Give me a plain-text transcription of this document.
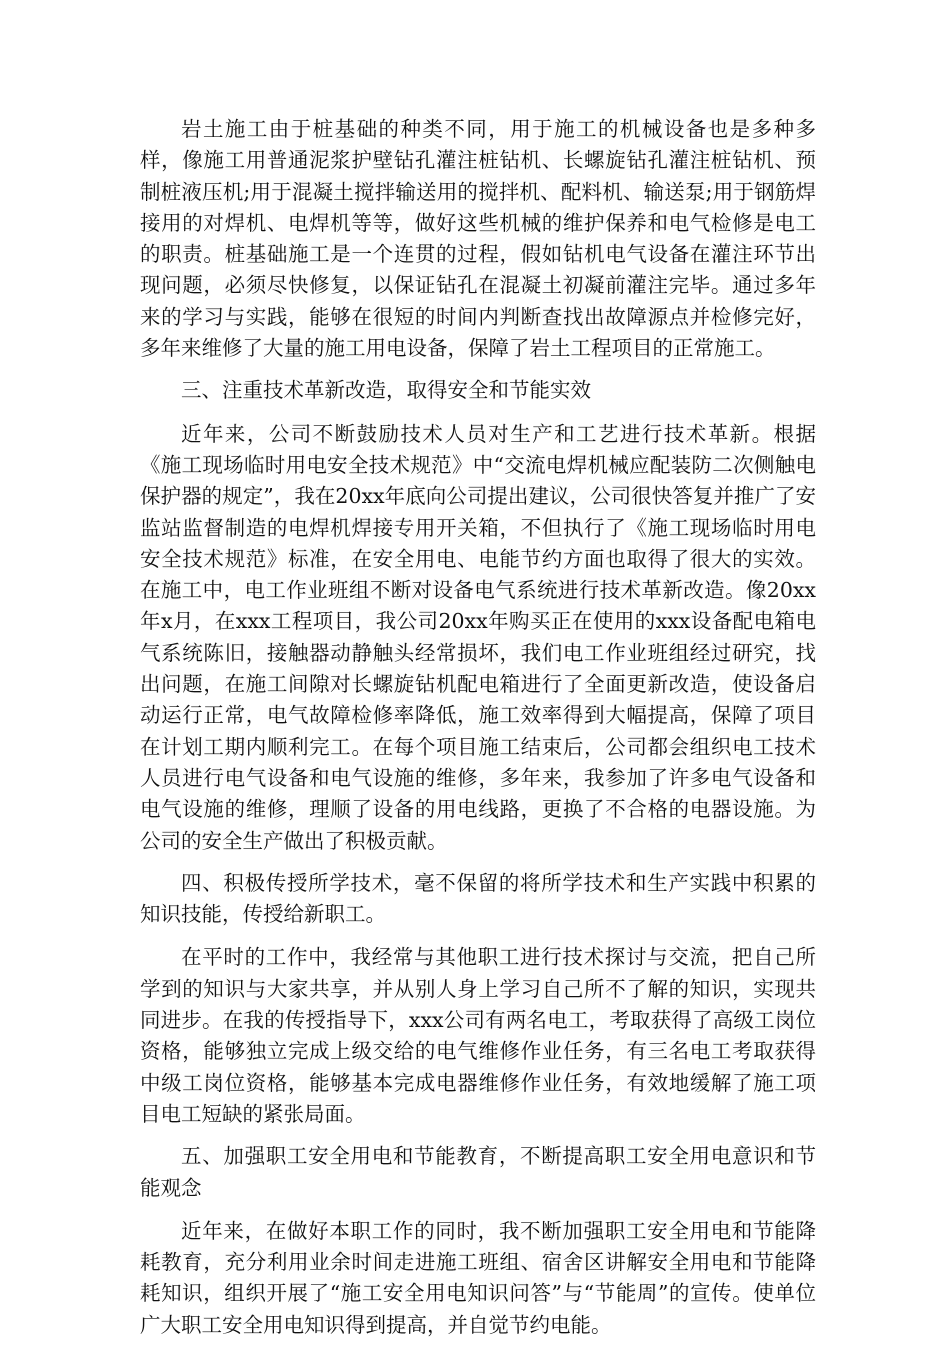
岩土施工由于桩基础的种类不同，用于施工的机械设备也是多种多样，像施工用普通泥浆护壁钻孔灌注桩钻机、长螺旋钻孔灌注桩钻机、预制桩液压机;用于混凝土搅拌输送用的搅拌机、配料机、输送泵;用于钢筋焊接用的对焊机、电焊机等等，做好这些机械的维护保养和电气检修是电工的职责。桩基础施工是一个连贯的过程，假如钻机电气设备在灌注环节出现问题，必须尽快修复，以保证钻孔在混凝土初凝前灌注完毕。通过多年来的学习与实践，能够在很短的时间内判断查找出故障源点并检修完好，多年来维修了大量的施工用电设备，保障了岩土工程项目的正常施工。

三、注重技术革新改造，取得安全和节能实效

近年来，公司不断鼓励技术人员对生产和工艺进行技术革新。根据《施工现场临时用电安全技术规范》中“交流电焊机械应配装防二次侧触电保护器的规定”，我在20xx年底向公司提出建议，公司很快答复并推广了安监站监督制造的电焊机焊接专用开关箱，不但执行了《施工现场临时用电安全技术规范》标准，在安全用电、电能节约方面也取得了很大的实效。在施工中，电工作业班组不断对设备电气系统进行技术革新改造。像20xx年x月，在xxx工程项目，我公司20xx年购买正在使用的xxx设备配电箱电气系统陈旧，接触器动静触头经常损坏，我们电工作业班组经过研究，找出问题，在施工间隙对长螺旋钻机配电箱进行了全面更新改造，使设备启动运行正常，电气故障检修率降低，施工效率得到大幅提高，保障了项目在计划工期内顺利完工。在每个项目施工结束后，公司都会组织电工技术人员进行电气设备和电气设施的维修，多年来，我参加了许多电气设备和电气设施的维修，理顺了设备的用电线路，更换了不合格的电器设施。为公司的安全生产做出了积极贡献。

四、积极传授所学技术，毫不保留的将所学技术和生产实践中积累的知识技能，传授给新职工。

在平时的工作中，我经常与其他职工进行技术探讨与交流，把自己所学到的知识与大家共享，并从别人身上学习自己所不了解的知识，实现共同进步。在我的传授指导下，xxx公司有两名电工，考取获得了高级工岗位资格，能够独立完成上级交给的电气维修作业任务，有三名电工考取获得中级工岗位资格，能够基本完成电器维修作业任务，有效地缓解了施工项目电工短缺的紧张局面。

五、加强职工安全用电和节能教育，不断提高职工安全用电意识和节能观念

近年来，在做好本职工作的同时，我不断加强职工安全用电和节能降耗教育，充分利用业余时间走进施工班组、宿舍区讲解安全用电和节能降耗知识，组织开展了“施工安全用电知识问答”与“节能周”的宣传。使单位广大职工安全用电知识得到提高，并自觉节约电能。
